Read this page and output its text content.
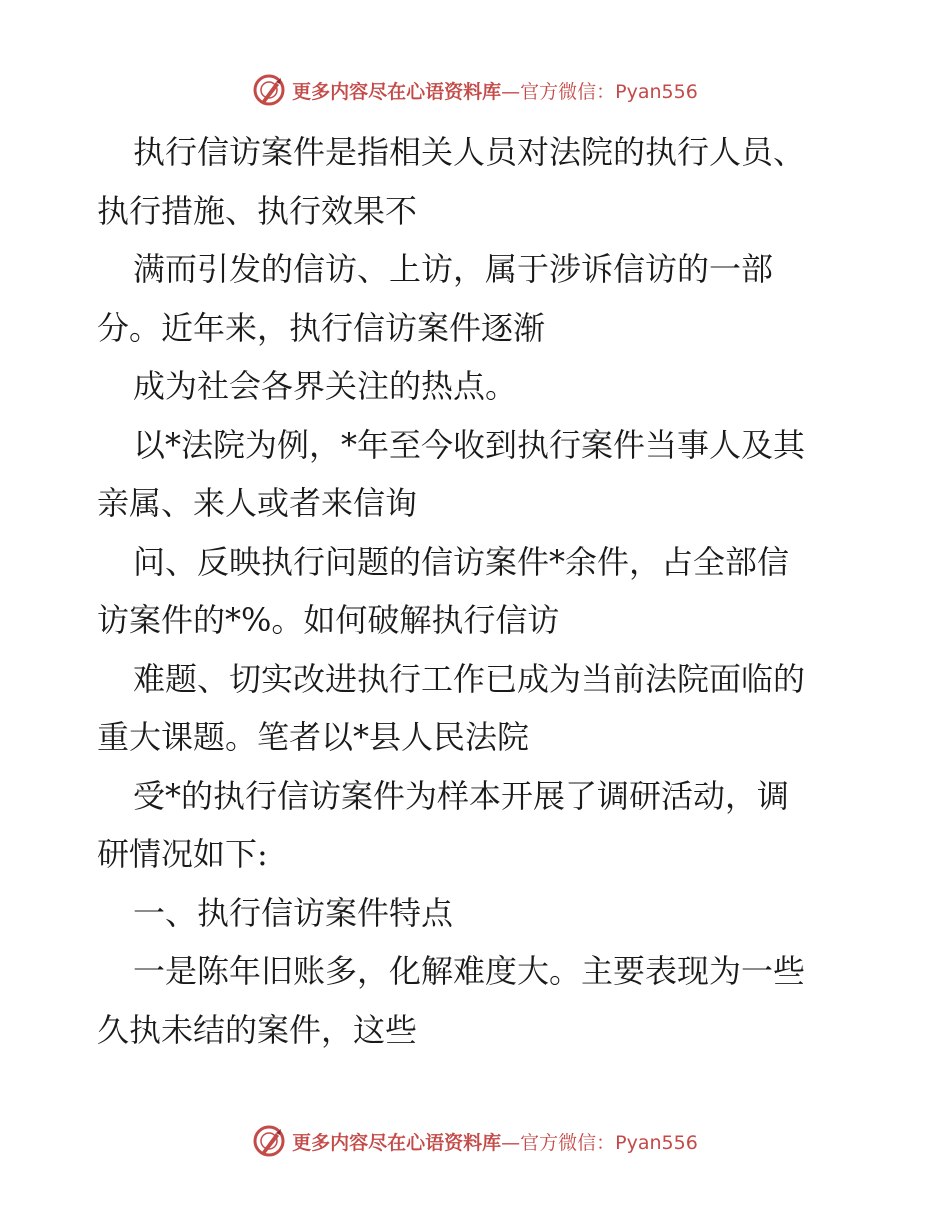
更多内容尽在心语资料库—官方微信：Pyan556

执行信访案件是指相关人员对法院的执行人员、
执行措施、执行效果不

满而引发的信访、上访，属于涉诉信访的一部
分。近年来，执行信访案件逐渐

成为社会各界关注的热点。

以*法院为例，*年至今收到执行案件当事人及其
亲属、来人或者来信询

问、反映执行问题的信访案件*余件，占全部信
访案件的*%。如何破解执行信访

难题、切实改进执行工作已成为当前法院面临的
重大课题。笔者以*县人民法院

受*的执行信访案件为样本开展了调研活动，调
研情况如下:

一、执行信访案件特点

一是陈年旧账多，化解难度大。主要表现为一些
久执未结的案件，这些

更多内容尽在心语资料库—官方微信：Pyan556
